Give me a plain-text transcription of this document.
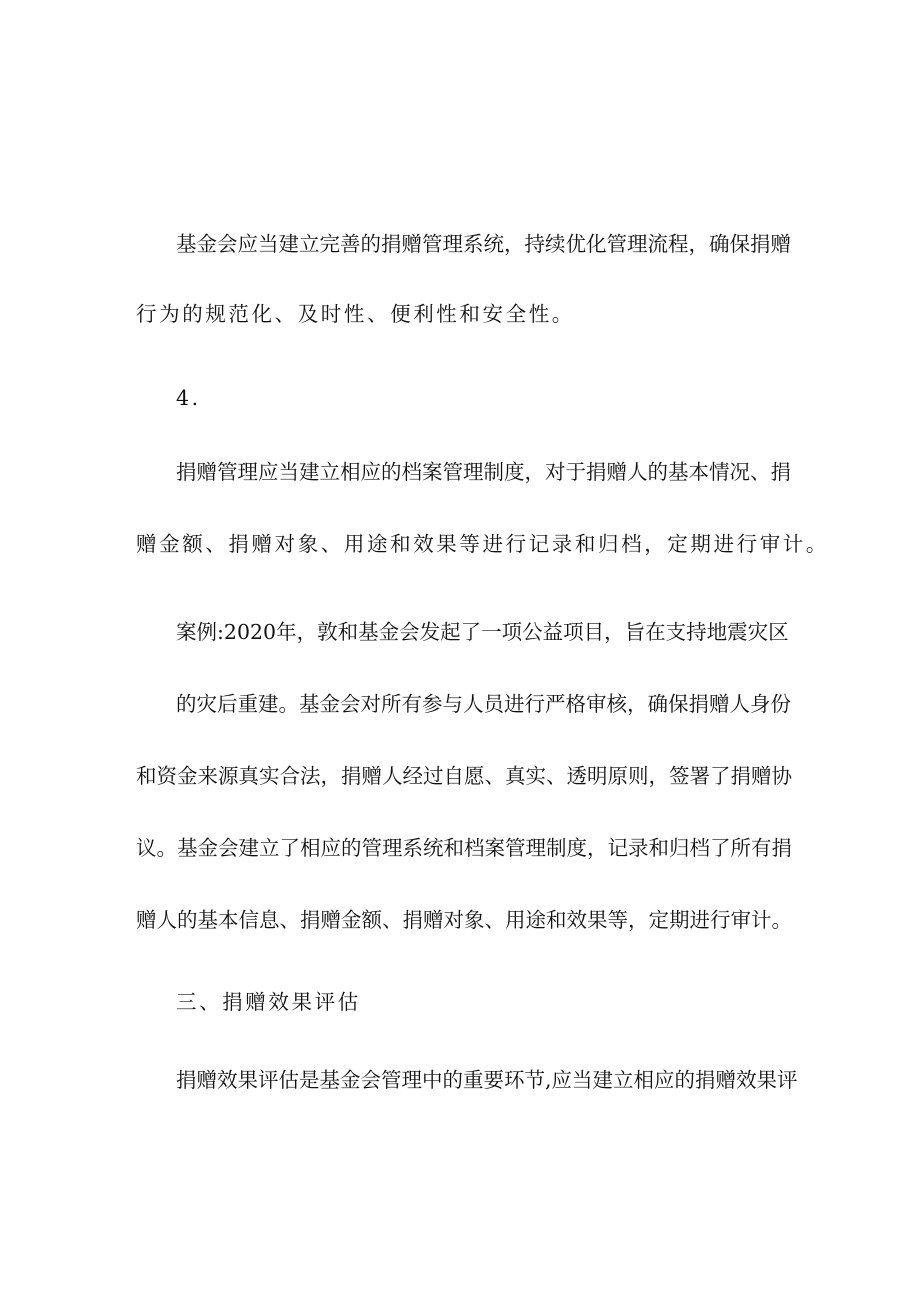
基金会应当建立完善的捐赠管理系统，持续优化管理流程，确保捐赠
行为的规范化、及时性、便利性和安全性。
4.
捐赠管理应当建立相应的档案管理制度，对于捐赠人的基本情况、捐
赠金额、捐赠对象、用途和效果等进行记录和归档，定期进行审计。
案例:2020年，敦和基金会发起了一项公益项目，旨在支持地震灾区
的灾后重建。基金会对所有参与人员进行严格审核，确保捐赠人身份
和资金来源真实合法，捐赠人经过自愿、真实、透明原则，签署了捐赠协
议。基金会建立了相应的管理系统和档案管理制度，记录和归档了所有捐
赠人的基本信息、捐赠金额、捐赠对象、用途和效果等，定期进行审计。
三、捐赠效果评估
捐赠效果评估是基金会管理中的重要环节,应当建立相应的捐赠效果评
